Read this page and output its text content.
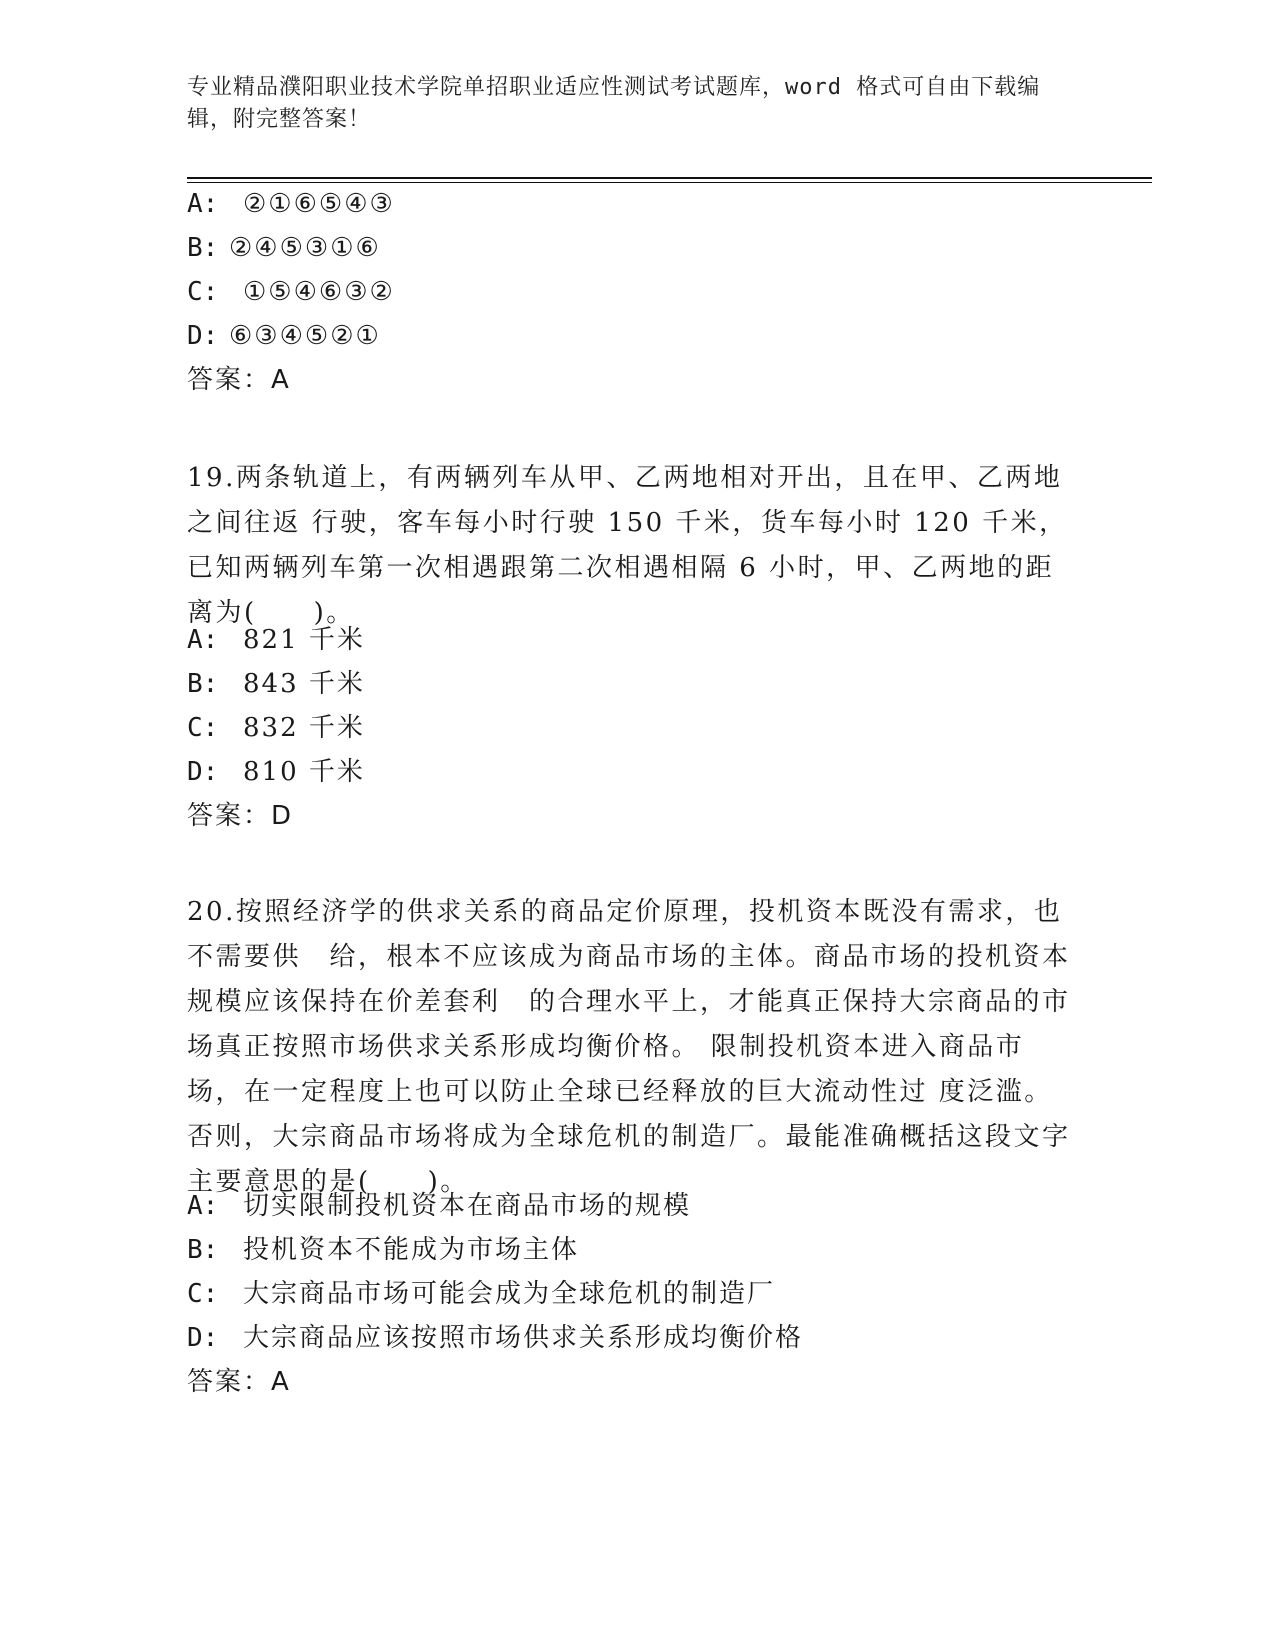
专业精品濮阳职业技术学院单招职业适应性测试考试题库，word 格式可自由下载编辑，附完整答案！
A: ②①⑥⑤④③
B: ②④⑤③①⑥
C: ①⑤④⑥③②
D: ⑥③④⑤②①
答案：A
19.两条轨道上，有两辆列车从甲、乙两地相对开出，且在甲、乙两地之间往返 行驶，客车每小时行驶 150 千米，货车每小时 120 千米，已知两辆列车第一次相遇跟第二次相遇相隔 6 小时，甲、乙两地的距离为(　　)。
A: 821 千米
B: 843 千米
C: 832 千米
D: 810 千米
答案：D
20.按照经济学的供求关系的商品定价原理，投机资本既没有需求，也不需要供　给，根本不应该成为商品市场的主体。商品市场的投机资本规模应该保持在价差套利　的合理水平上，才能真正保持大宗商品的市场真正按照市场供求关系形成均衡价格。 限制投机资本进入商品市场，在一定程度上也可以防止全球已经释放的巨大流动性过 度泛滥。否则，大宗商品市场将成为全球危机的制造厂。最能准确概括这段文字主要意思的是(　　)。
A: 切实限制投机资本在商品市场的规模
B: 投机资本不能成为市场主体
C: 大宗商品市场可能会成为全球危机的制造厂
D: 大宗商品应该按照市场供求关系形成均衡价格
答案：A
